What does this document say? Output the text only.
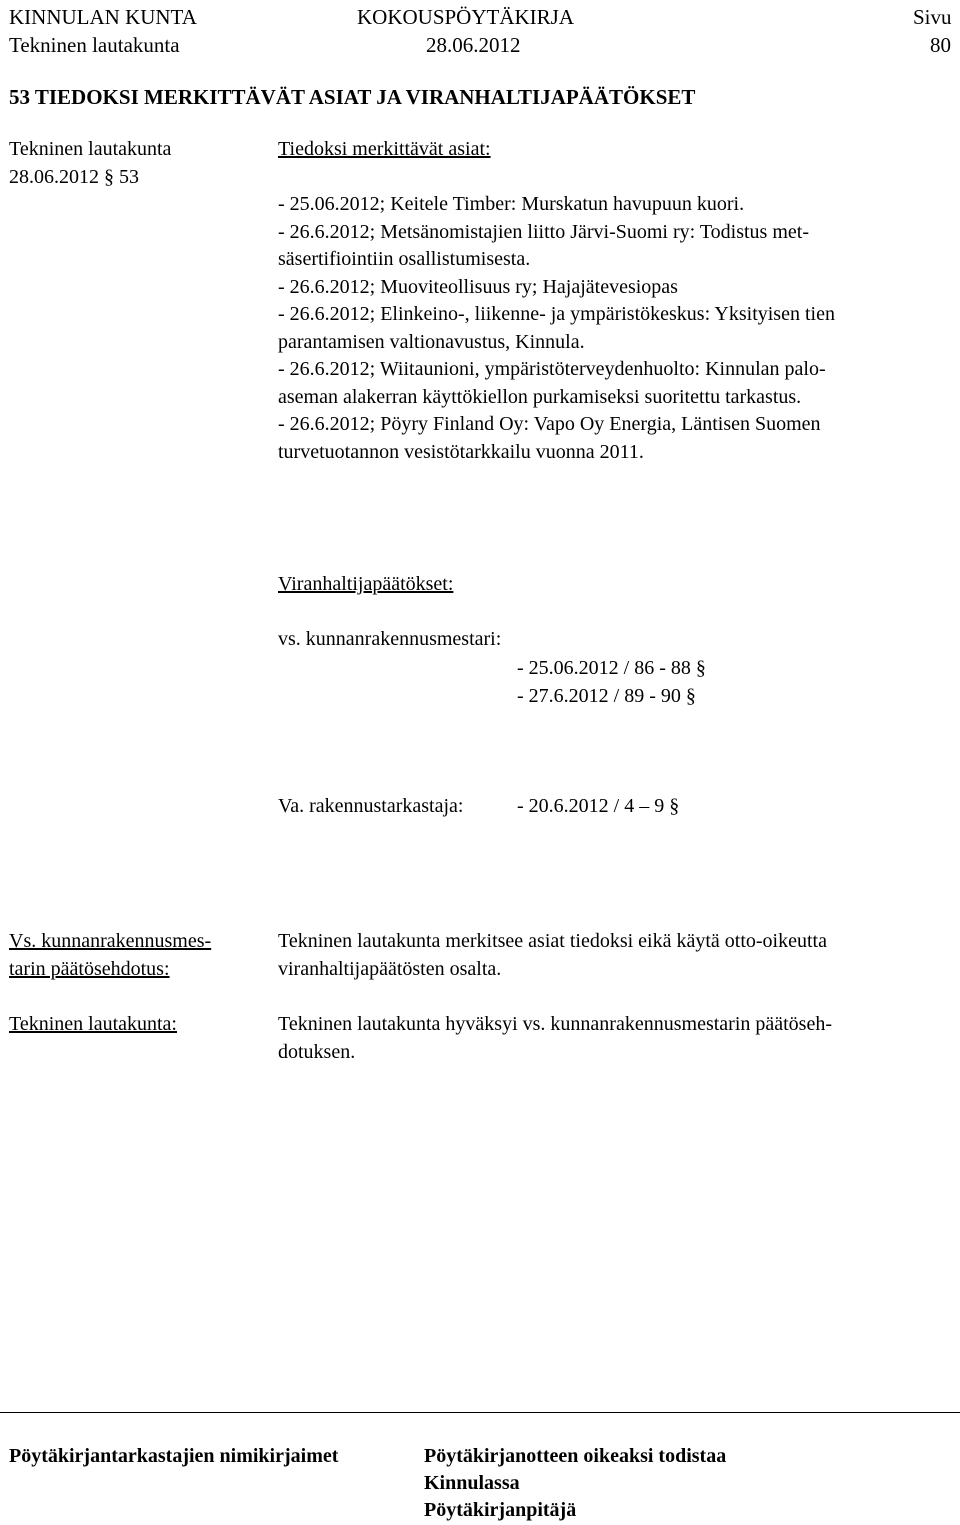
KINNULAN KUNTA	KOKOUSPÖYTÄKIRJA	Sivu
Tekninen lautakunta	28.06.2012	80
53 TIEDOKSI MERKITTÄVÄT ASIAT JA VIRANHALTIJAPÄÄTÖKSET
Tekninen lautakunta
28.06.2012 § 53
Tiedoksi merkittävät asiat:
- 25.06.2012; Keitele Timber: Murskatun havupuun kuori.
- 26.6.2012; Metsänomistajien liitto Järvi-Suomi ry: Todistus met-
säsertifiointiin osallistumisesta.
- 26.6.2012; Muoviteollisuus ry; Hajajätevesiopas
- 26.6.2012; Elinkeino-, liikenne- ja ympäristökeskus: Yksityisen tien
parantamisen valtionavustus, Kinnula.
- 26.6.2012; Wiitaunioni, ympäristöterveydenhuolto: Kinnulan palo-
aseman alakerran käyttökiellon purkamiseksi suoritettu tarkastus.
- 26.6.2012; Pöyry Finland Oy: Vapo Oy Energia, Läntisen Suomen
turvetuotannon vesistötarkkailu vuonna 2011.
Viranhaltijapäätökset:
vs. kunnanrakennusmestari:
- 25.06.2012 / 86 - 88 §
- 27.6.2012 / 89 - 90 §
Va. rakennustarkastaja:	- 20.6.2012 / 4 – 9 §
Vs. kunnanrakennusmes-
tarin päätösehdotus:
Tekninen lautakunta merkitsee asiat tiedoksi eikä käytä otto-oikeutta
viranhaltijapäätösten osalta.
Tekninen lautakunta:	Tekninen lautakunta hyväksyi vs. kunnanrakennusmestarin päätöseh-
dotuksen.
Pöytäkirjantarkastajien nimikirjaimet	Pöytäkirjanotteen oikeaksi todistaa
Kinnulassa
Pöytäkirjanpitäjä
